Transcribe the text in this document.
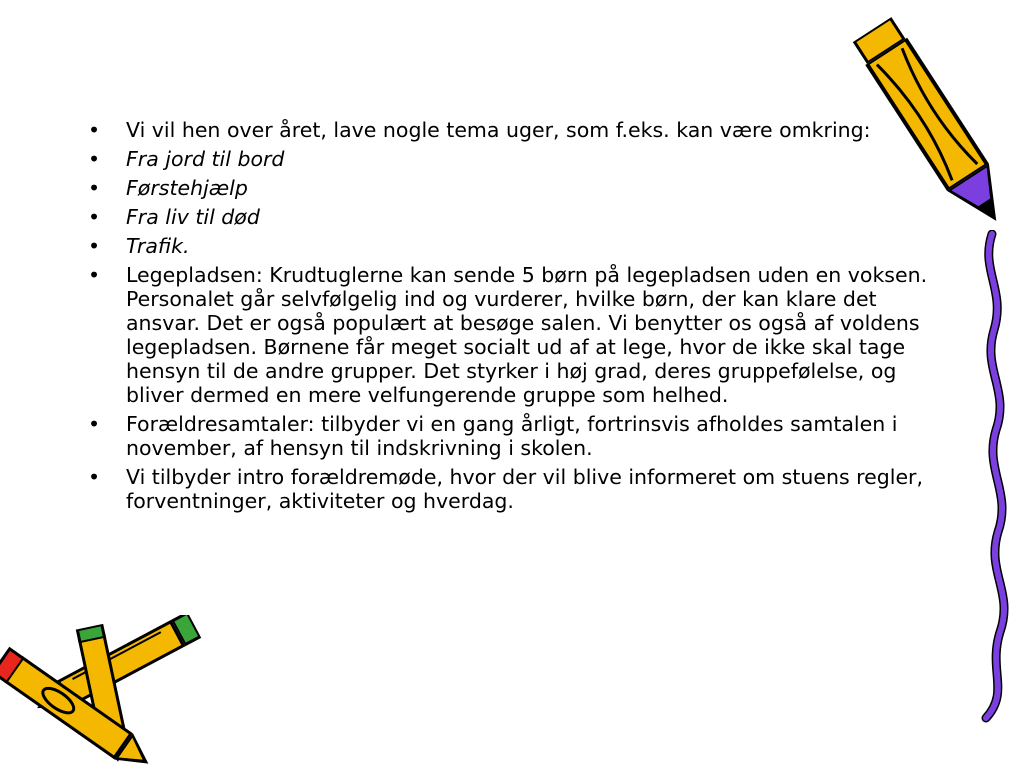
• Vi vil hen over året, lave nogle tema uger, som f.eks. kan være omkring:
• Fra jord til bord
• Førstehjælp
• Fra liv til død
• Trafik.
• Legepladsen: Krudtuglerne kan sende 5 børn på legepladsen uden en voksen. Personalet går selvfølgelig ind og vurderer, hvilke børn, der kan klare det ansvar. Det er også populært at besøge salen. Vi benytter os også af voldens legepladsen. Børnene får meget socialt ud af at lege, hvor de ikke skal tage hensyn til de andre grupper. Det styrker i høj grad, deres gruppefølelse, og bliver dermed en mere velfungerende gruppe som helhed.
• Forældresamtaler: tilbyder vi en gang årligt, fortrinsvis afholdes samtalen i november, af hensyn til indskrivning i skolen.
• Vi tilbyder intro forældremøde, hvor der vil blive informeret om stuens regler, forventninger, aktiviteter og hverdag.
